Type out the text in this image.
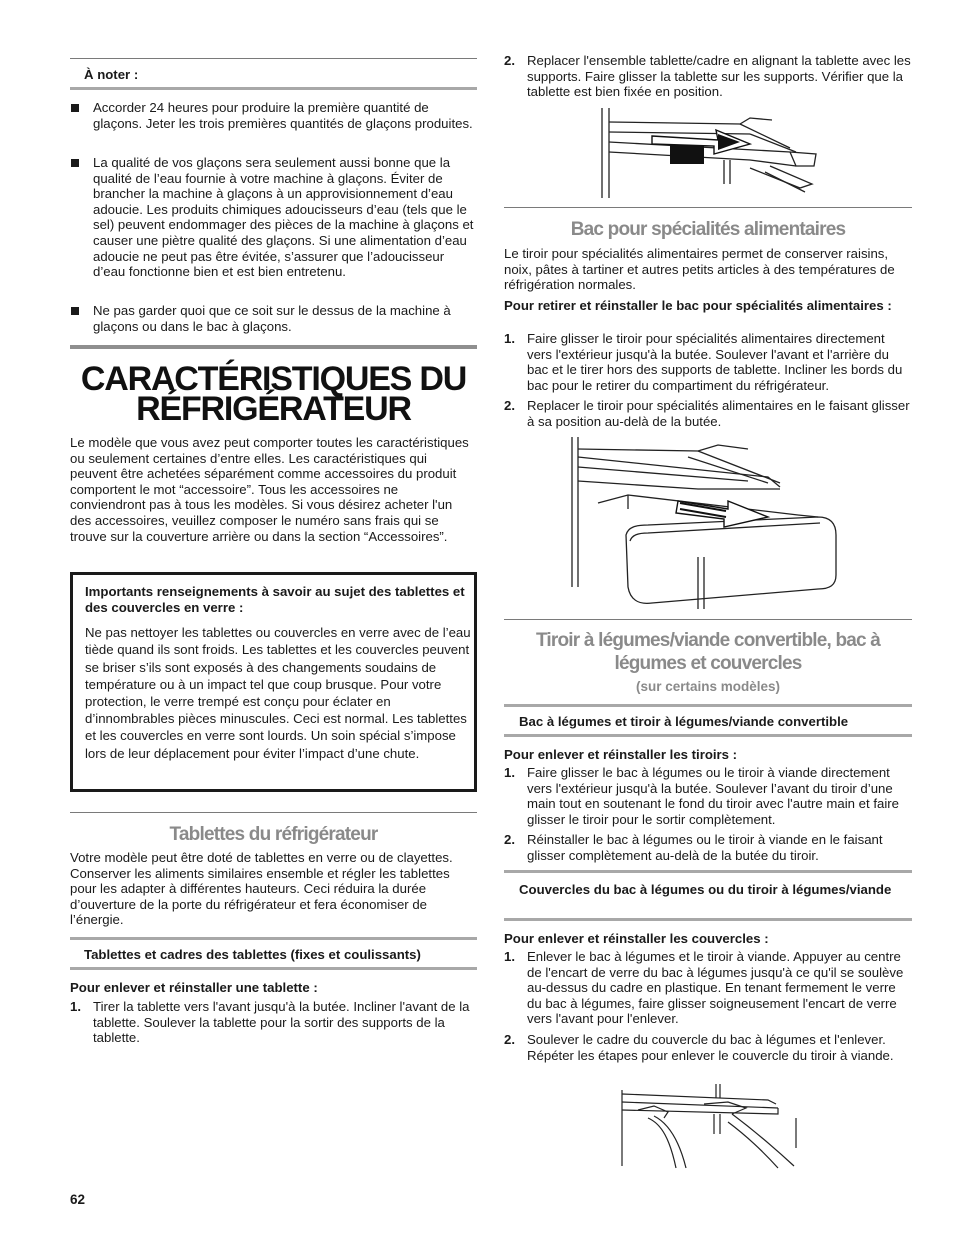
À noter :
Accorder 24 heures pour produire la première quantité de glaçons. Jeter les trois premières quantités de glaçons produites.
La qualité de vos glaçons sera seulement aussi bonne que la qualité de l’eau fournie à votre machine à glaçons. Éviter de brancher la machine à glaçons à un approvisionnement d’eau adoucie. Les produits chimiques adoucisseurs d’eau (tels que le sel) peuvent endommager des pièces de la machine à glaçons et causer une piètre qualité des glaçons. Si une alimentation d’eau adoucie ne peut pas être évitée, s’assurer que l’adoucisseur d’eau fonctionne bien et est bien entretenu.
Ne pas garder quoi que ce soit sur le dessus de la machine à glaçons ou dans le bac à glaçons.
CARACTÉRISTIQUES DU
RÉFRIGÉRATEUR
Le modèle que vous avez peut comporter toutes les caractéristiques ou seulement certaines d’entre elles. Les caractéristiques qui peuvent être achetées séparément comme accessoires du produit comportent le mot “accessoire”. Tous les accessoires ne conviendront pas à tous les modèles. Si vous désirez acheter l'un des accessoires, veuillez composer le numéro sans frais qui se trouve sur la couverture arrière ou dans la section “Accessoires”.
Importants renseignements à savoir au sujet des tablettes et des couvercles en verre :
Ne pas nettoyer les tablettes ou couvercles en verre avec de l’eau tiède quand ils sont froids. Les tablettes et les couvercles peuvent se briser s’ils sont exposés à des changements soudains de température ou à un impact tel que coup brusque. Pour votre protection, le verre trempé est conçu pour éclater en d’innombrables pièces minuscules. Ceci est normal. Les tablettes et les couvercles en verre sont lourds. Un soin spécial s’impose lors de leur déplacement pour éviter l’impact d’une chute.
Tablettes du réfrigérateur
Votre modèle peut être doté de tablettes en verre ou de clayettes. Conserver les aliments similaires ensemble et régler les tablettes pour les adapter à différentes hauteurs. Ceci réduira la durée d’ouverture de la porte du réfrigérateur et fera économiser de l’énergie.
Tablettes et cadres des tablettes (fixes et coulissants)
Pour enlever et réinstaller une tablette :
1. Tirer la tablette vers l'avant jusqu'à la butée. Incliner l'avant de la tablette. Soulever la tablette pour la sortir des supports de la tablette.
2. Replacer l'ensemble tablette/cadre en alignant la tablette avec les supports. Faire glisser la tablette sur les supports. Vérifier que la tablette est bien fixée en position.
Bac pour spécialités alimentaires
Le tiroir pour spécialités alimentaires permet de conserver raisins, noix, pâtes à tartiner et autres petits articles à des températures de réfrigération normales.
Pour retirer et réinstaller le bac pour spécialités alimentaires :
1. Faire glisser le tiroir pour spécialités alimentaires directement vers l'extérieur jusqu'à la butée. Soulever l'avant et l'arrière du bac et le tirer hors des supports de tablette. Incliner les bords du bac pour le retirer du compartiment du réfrigérateur.
2. Replacer le tiroir pour spécialités alimentaires en le faisant glisser à sa position au-delà de la butée.
Tiroir à légumes/viande convertible, bac à
légumes et couvercles
(sur certains modèles)
Bac à légumes et tiroir à légumes/viande convertible
Pour enlever et réinstaller les tiroirs :
1. Faire glisser le bac à légumes ou le tiroir à viande directement vers l'extérieur jusqu'à la butée. Soulever l’avant du tiroir d’une main tout en soutenant le fond du tiroir avec l'autre main et faire glisser le tiroir pour le sortir complètement.
2. Réinstaller le bac à légumes ou le tiroir à viande en le faisant glisser complètement au-delà de la butée du tiroir.
Couvercles du bac à légumes ou du tiroir à légumes/viande
Pour enlever et réinstaller les couvercles :
1. Enlever le bac à légumes et le tiroir à viande. Appuyer au centre de l'encart de verre du bac à légumes jusqu'à ce qu'il se soulève au-dessus du cadre en plastique. En tenant fermement le verre du bac à légumes, faire glisser soigneusement l'encart de verre vers l'avant pour l'enlever.
2. Soulever le cadre du couvercle du bac à légumes et l'enlever. Répéter les étapes pour enlever le couvercle du tiroir à viande.
62
